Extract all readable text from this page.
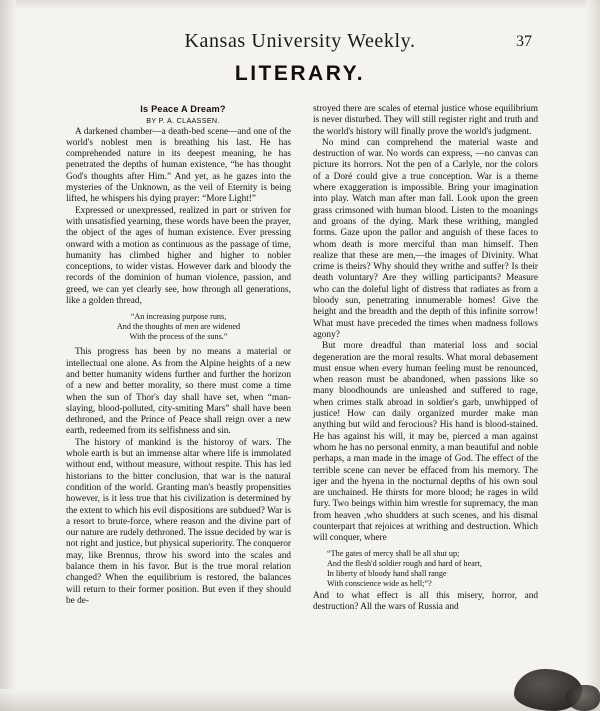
Kansas University Weekly.	37
LITERARY.

Is Peace A Dream?

BY P. A. CLAASSEN.

A darkened chamber—a death-bed scene—and one of the world's noblest men is breathing his last. He has comprehended nature in its deepest meaning, he has penetrated the depths of human existence, “he has thought God's thoughts after Him.” And yet, as he gazes into the mysteries of the Unknown, as the veil of Eternity is being lifted, he whispers his dying prayer: “More Light!”

Expressed or unexpressed, realized in part or striven for with unsatisfied yearning, these words have been the prayer, the object of the ages of human existence. Ever pressing onward with a motion as continuous as the passage of time, humanity has climbed higher and higher to nobler conceptions, to wider vistas. However dark and bloody the records of the dominion of human violence, passion, and greed, we can yet clearly see, how through all generations, like a golden thread,

“An increasing purpose runs,
And the thoughts of men are widened
With the process of the suns.”

This progress has been by no means a material or intellectual one alone. As from the Alpine heights of a new and better humanity widens further and further the horizon of a new and better morality, so there must come a time when the sun of Thor's day shall have set, when “man-slaying, blood-polluted, city-smiting Mars” shall have been dethroned, and the Prince of Peace shall reign over a new earth, redeemed from its selfishness and sin.

The history of mankind is the historoy of wars. The whole earth is but an immense altar where life is immolated without end, without measure, without respite. This has led historians to the bitter conclusion, that war is the natural condition of the world. Granting man's beastly propensities however, is it less true that his civilization is determined by the extent to which his evil dispositions are subdued? War is a resort to brute-force, where reason and the divine part of our nature are rudely dethroned. The issue decided by war is not right and justice, but physical superiority. The conqueror may, like Brennus, throw his sword into the scales and balance them in his favor. But is the true moral relation changed? When the equilibrium is restored, the balances will return to their former position. But even if they should be de-

stroyed there are scales of eternal justice whose equilibrium is never disturbed. They will still register right and truth and the world's history will finally prove the world's judgment.

No mind can comprehend the material waste and destruction of war. No words can express, —no canvas can picture its horrors. Not the pen of a Carlyle, nor the colors of a Doré could give a true conception. War is a theme where exaggeration is impossible. Bring your imagination into play. Watch man after man fall. Look upon the green grass crimsoned with human blood. Listen to the moanings and groans of the dying. Mark these writhing, mangled forms. Gaze upon the pallor and anguish of these faces to whom death is more merciful than man himself. Then realize that these are men,—the images of Divinity. What crime is theirs? Why should they writhe and suffer? Is their death voluntary? Are they willing participants? Measure who can the doleful light of distress that radiates as from a bloody sun, penetrating innumerable homes! Give the height and the breadth and the depth of this infinite sorrow! What must have preceded the times when madness follows agony?

But more dreadful than material loss and social degeneration are the moral results. What moral debasement must ensue when every human feeling must be renounced, when reason must be abandoned, when passions like so many bloodhounds are unleashed and suffered to rage, when crimes stalk abroad in soldier's garb, unwhipped of justice! How can daily organized murder make man anything but wild and ferocious? His hand is blood-stained. He has against his will, it may be, pierced a man against whom he has no personal enmity, a man beautiful and noble perhaps, a man made in the image of God. The effect of the terrible scene can never be effaced from his memory. The iger and the hyena in the nocturnal depths of his own soul are unchained. He thirsts for more blood; he rages in wild fury. Two beings within him wrestle for supremacy, the man from heaven ,who shudders at such scenes, and his dismal counterpart that rejoices at writhing and destruction. Which will conquer, where

“The gates of mercy shall be all shut up;
And the flesh'd soldier rough and hard of heart,
In liberty of bloody hand shall range
With conscience wide as hell;”?

And to what effect is all this misery, horror, and destruction? All the wars of Russia and
